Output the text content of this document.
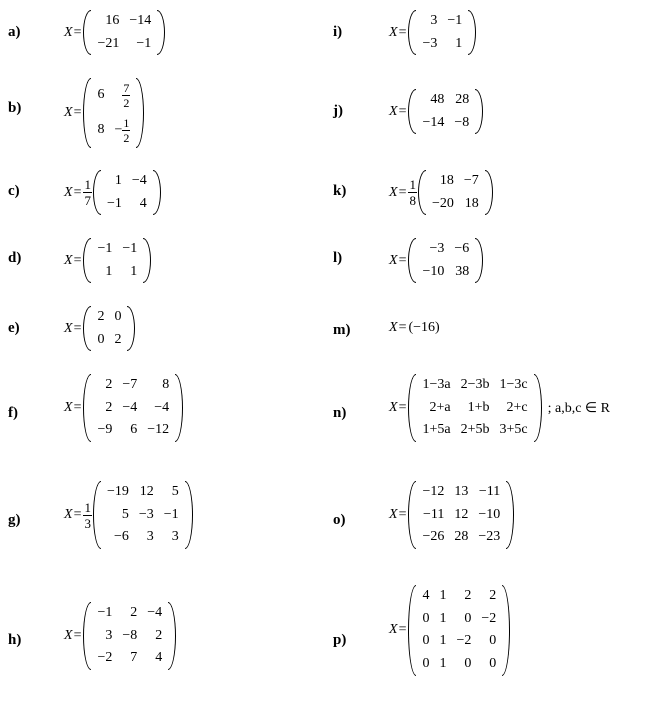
a)	X =
16	−14
−21	−1
b)	X =
6	$\frac{7}{2}$

8	− $\frac{1}{2}$
c)	$X = \frac{1}{7} 1$	−4
−1	4
d)	X =
−1	−1
1	1
e)	X =
2	0
0	2
f)	X =
2	−7	8
2	−4	−4
−9	6	−12
g)	$X = \frac{1}{3}$
−19	12	5
5	−3	−1
−6	3	3
h)	X =
−1	2	−4
3	−8	2
−2	7	4
i)	X =
3	−1
−3	1
j)	X =
48	28
−14	−8
k)	$X = \frac{1}{8} 18$	−7
−20	18
l)	X =
−3	−6
−10	38
m)	X = (−16)
n)	X =
1−3a	2−3b	1−3c
2+a	1+b	2+c
1+5a	2+5b	3+5c
; a,b,c ∈ R
o)	X =
−12	13	−11
−11	12	−10
−26	28	−23
p)
X =
4	1	2	2
0	1	0	−2
0	1	−2	0
0	1	0	0
